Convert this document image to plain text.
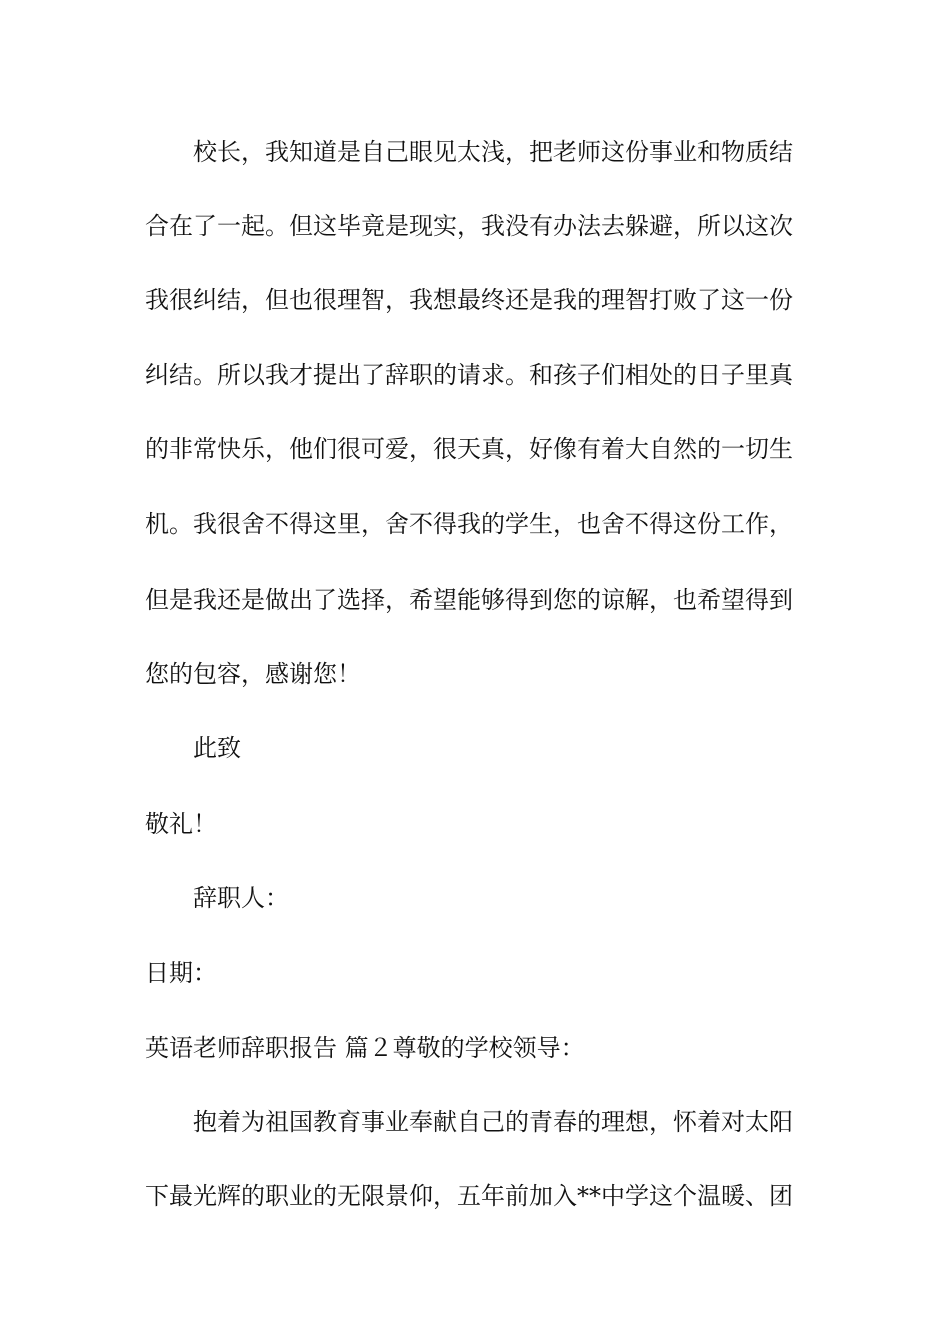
校长，我知道是自己眼见太浅，把老师这份事业和物质结

合在了一起。但这毕竟是现实，我没有办法去躲避，所以这次

我很纠结，但也很理智，我想最终还是我的理智打败了这一份

纠结。所以我才提出了辞职的请求。和孩子们相处的日子里真

的非常快乐，他们很可爱，很天真，好像有着大自然的一切生

机。我很舍不得这里，舍不得我的学生，也舍不得这份工作，

但是我还是做出了选择，希望能够得到您的谅解，也希望得到

您的包容，感谢您！

此致

敬礼！

辞职人：

日期：

英语老师辞职报告 篇２尊敬的学校领导：

抱着为祖国教育事业奉献自己的青春的理想，怀着对太阳

下最光辉的职业的无限景仰，五年前加入**中学这个温暖、团
